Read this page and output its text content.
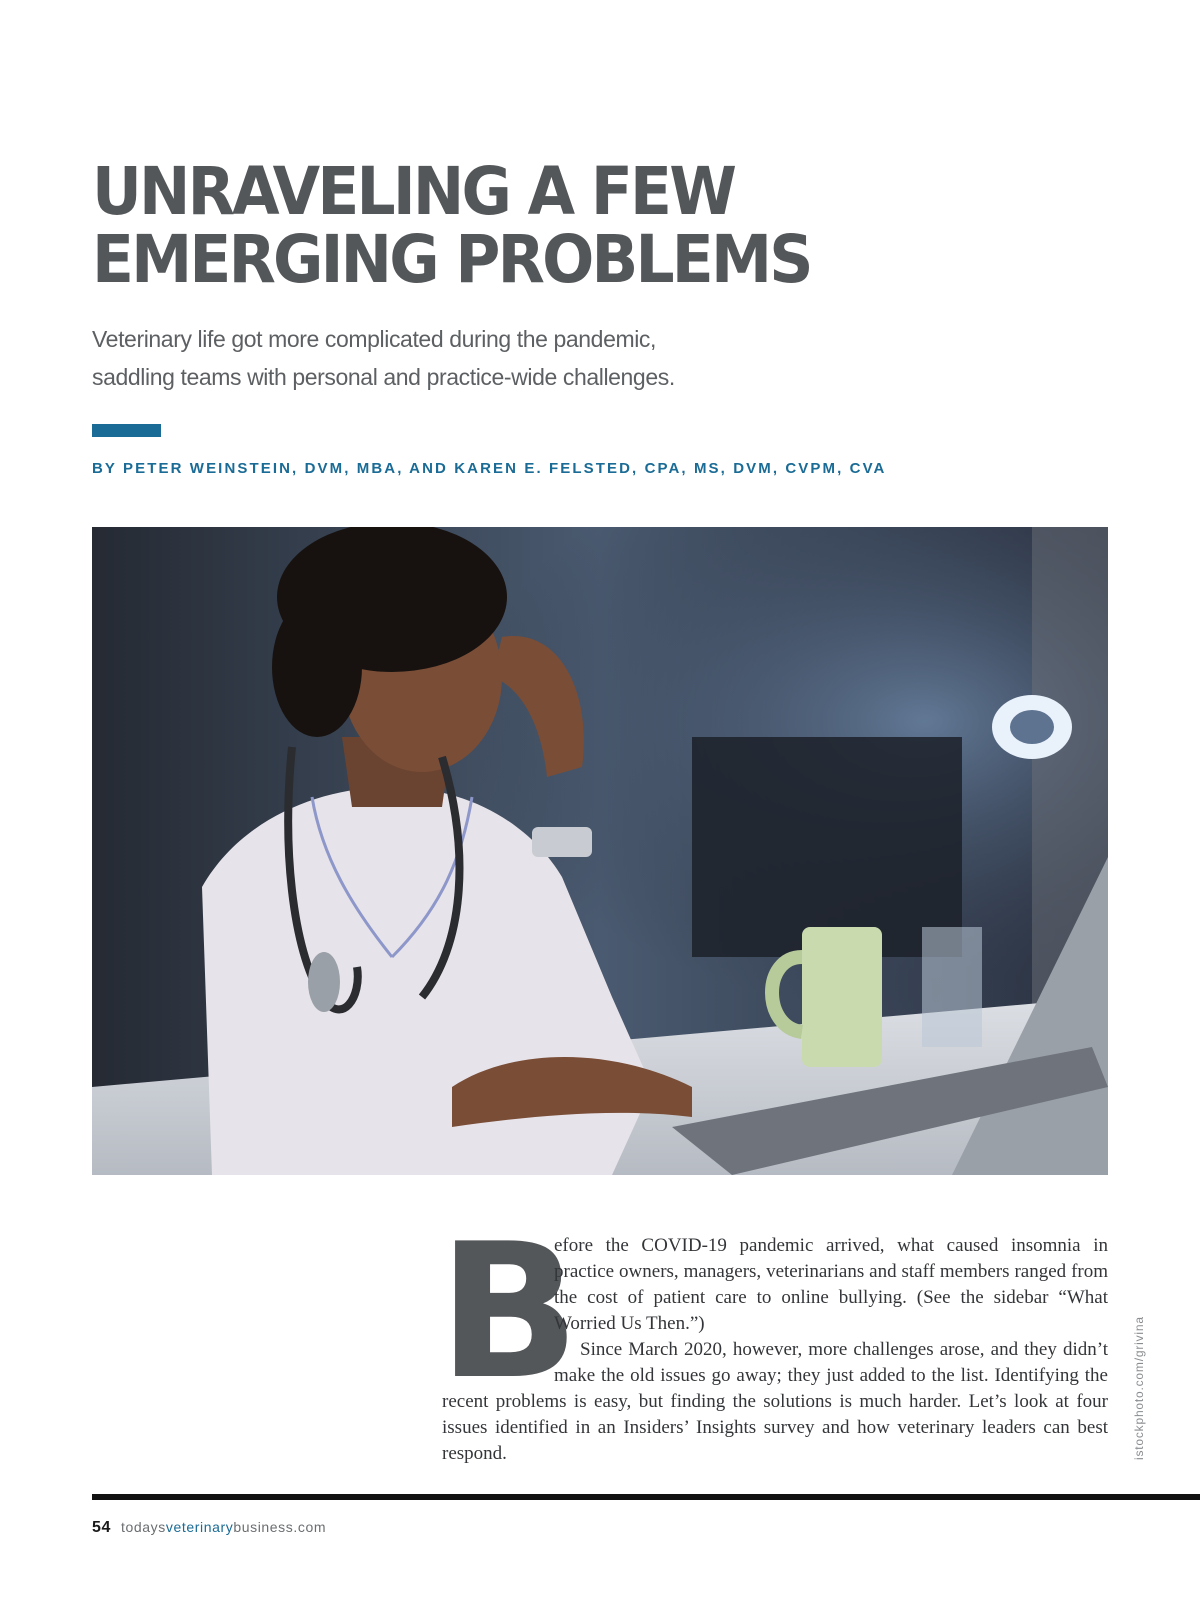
UNRAVELING A FEW
EMERGING PROBLEMS

Veterinary life got more complicated during the pandemic,
saddling teams with personal and practice-wide challenges.

BY PETER WEINSTEIN, DVM, MBA, AND KAREN E. FELSTED, CPA, MS, DVM, CVPM, CVA

istockphoto.com/grivina

B

efore the COVID-19 pandemic arrived, what caused insomnia in practice owners, managers, veterinarians and staff members ranged from the cost of patient care to online bullying. (See the sidebar “What Worried Us Then.”)

Since March 2020, however, more challenges arose, and they didn’t make the old issues go away; they just added to the list. Identifying the recent problems is easy, but finding the solutions is much harder. Let’s look at four issues identified in an Insiders’ Insights survey and how veterinary leaders can best respond.

54 todaysveterinarybusiness.com
